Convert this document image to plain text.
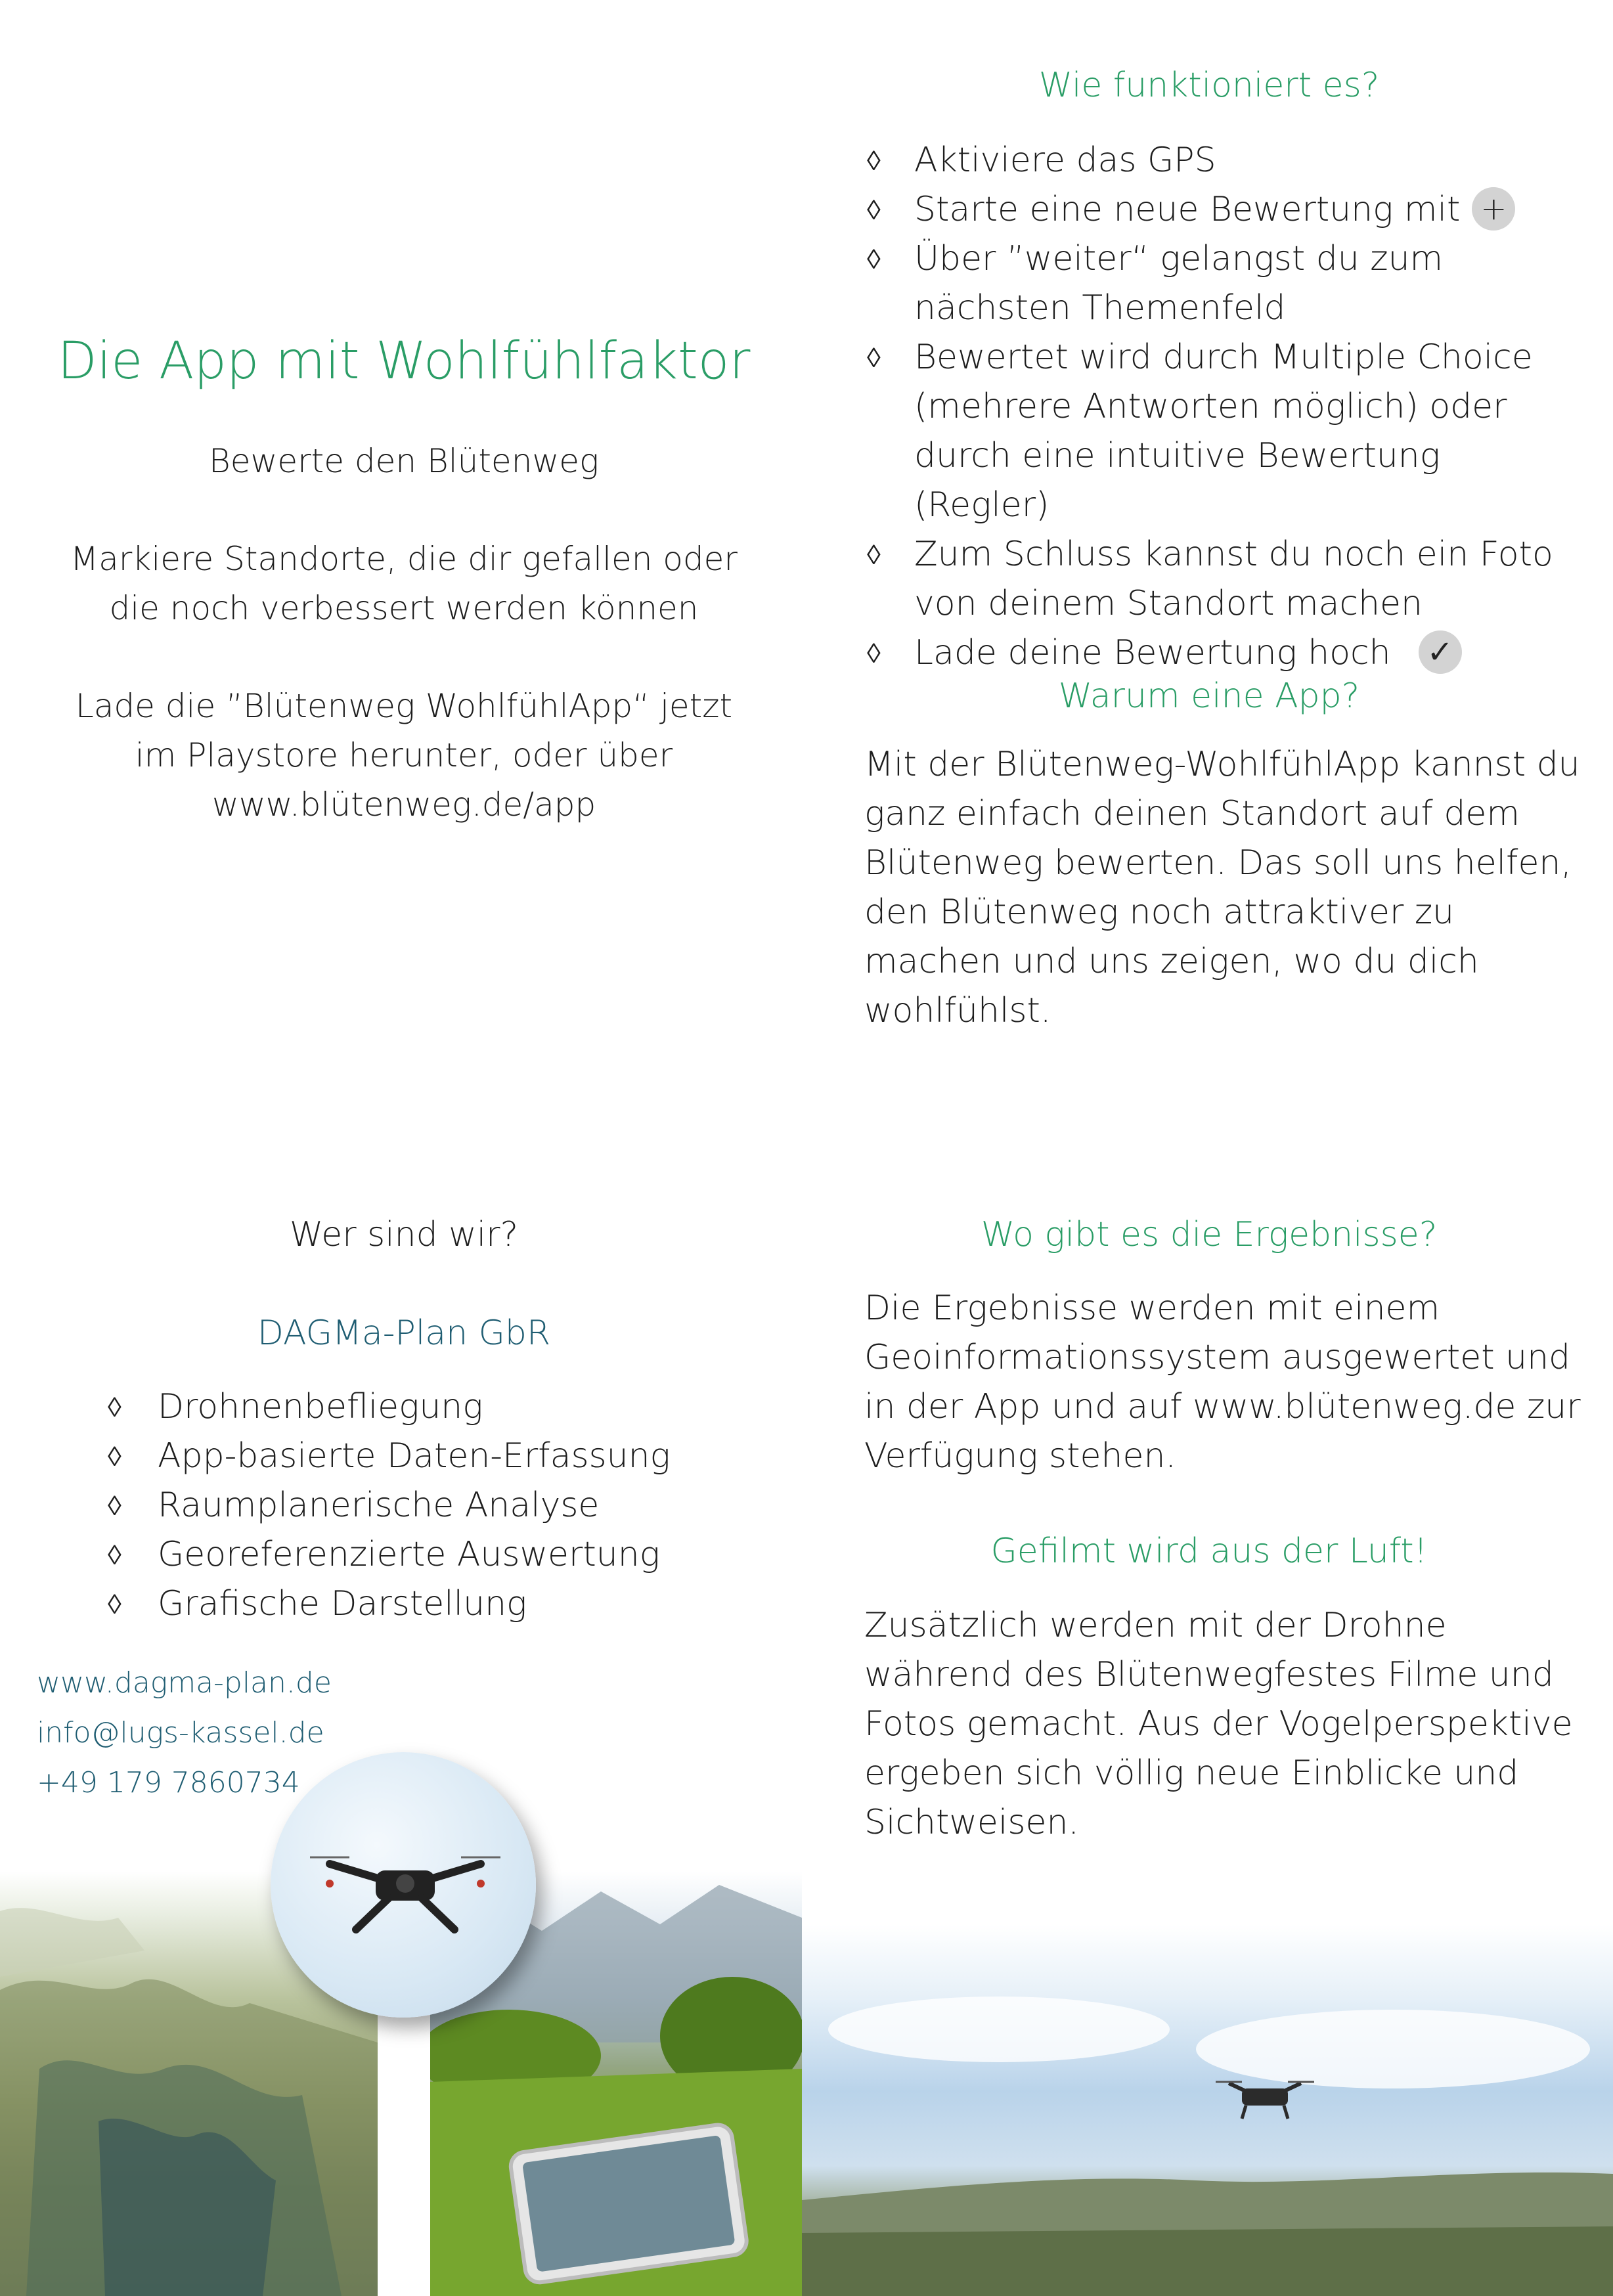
Die App mit Wohlfühlfaktor

Bewerte den Blütenweg

Markiere Standorte, die dir gefallen oder die noch verbessert werden können

Lade die ”Blütenweg WohlfühlApp“ jetzt im Playstore herunter, oder über www.blütenweg.de/app

Wie funktioniert es?
◊ Aktiviere das GPS
◊ Starte eine neue Bewertung mit +
◊ Über ”weiter“ gelangst du zum nächsten Themenfeld
◊ Bewertet wird durch Multiple Choice (mehrere Antworten möglich) oder durch eine intuitive Bewertung (Regler)
◊ Zum Schluss kannst du noch ein Foto von deinem Standort machen
◊ Lade deine Bewertung hoch ✓
Warum eine App?
Mit der Blütenweg-WohlfühlApp kannst du ganz einfach deinen Standort auf dem Blütenweg bewerten. Das soll uns helfen, den Blütenweg noch attraktiver zu machen und uns zeigen, wo du dich wohlfühlst.
Wer sind wir?
DAGMa-Plan GbR
◊ Drohnenbefliegung
◊ App-basierte Daten-Erfassung
◊ Raumplanerische Analyse
◊ Georeferenzierte Auswertung
◊ Grafische Darstellung
www.dagma-plan.de
info@lugs-kassel.de
+49 179 7860734
Wo gibt es die Ergebnisse?
Die Ergebnisse werden mit einem Geoinformationssystem ausgewertet und in der App und auf www.blütenweg.de zur Verfügung stehen.
Gefilmt wird aus der Luft!
Zusätzlich werden mit der Drohne während des Blütenwegfestes Filme und Fotos gemacht. Aus der Vogelperspektive ergeben sich völlig neue Einblicke und Sichtweisen.
